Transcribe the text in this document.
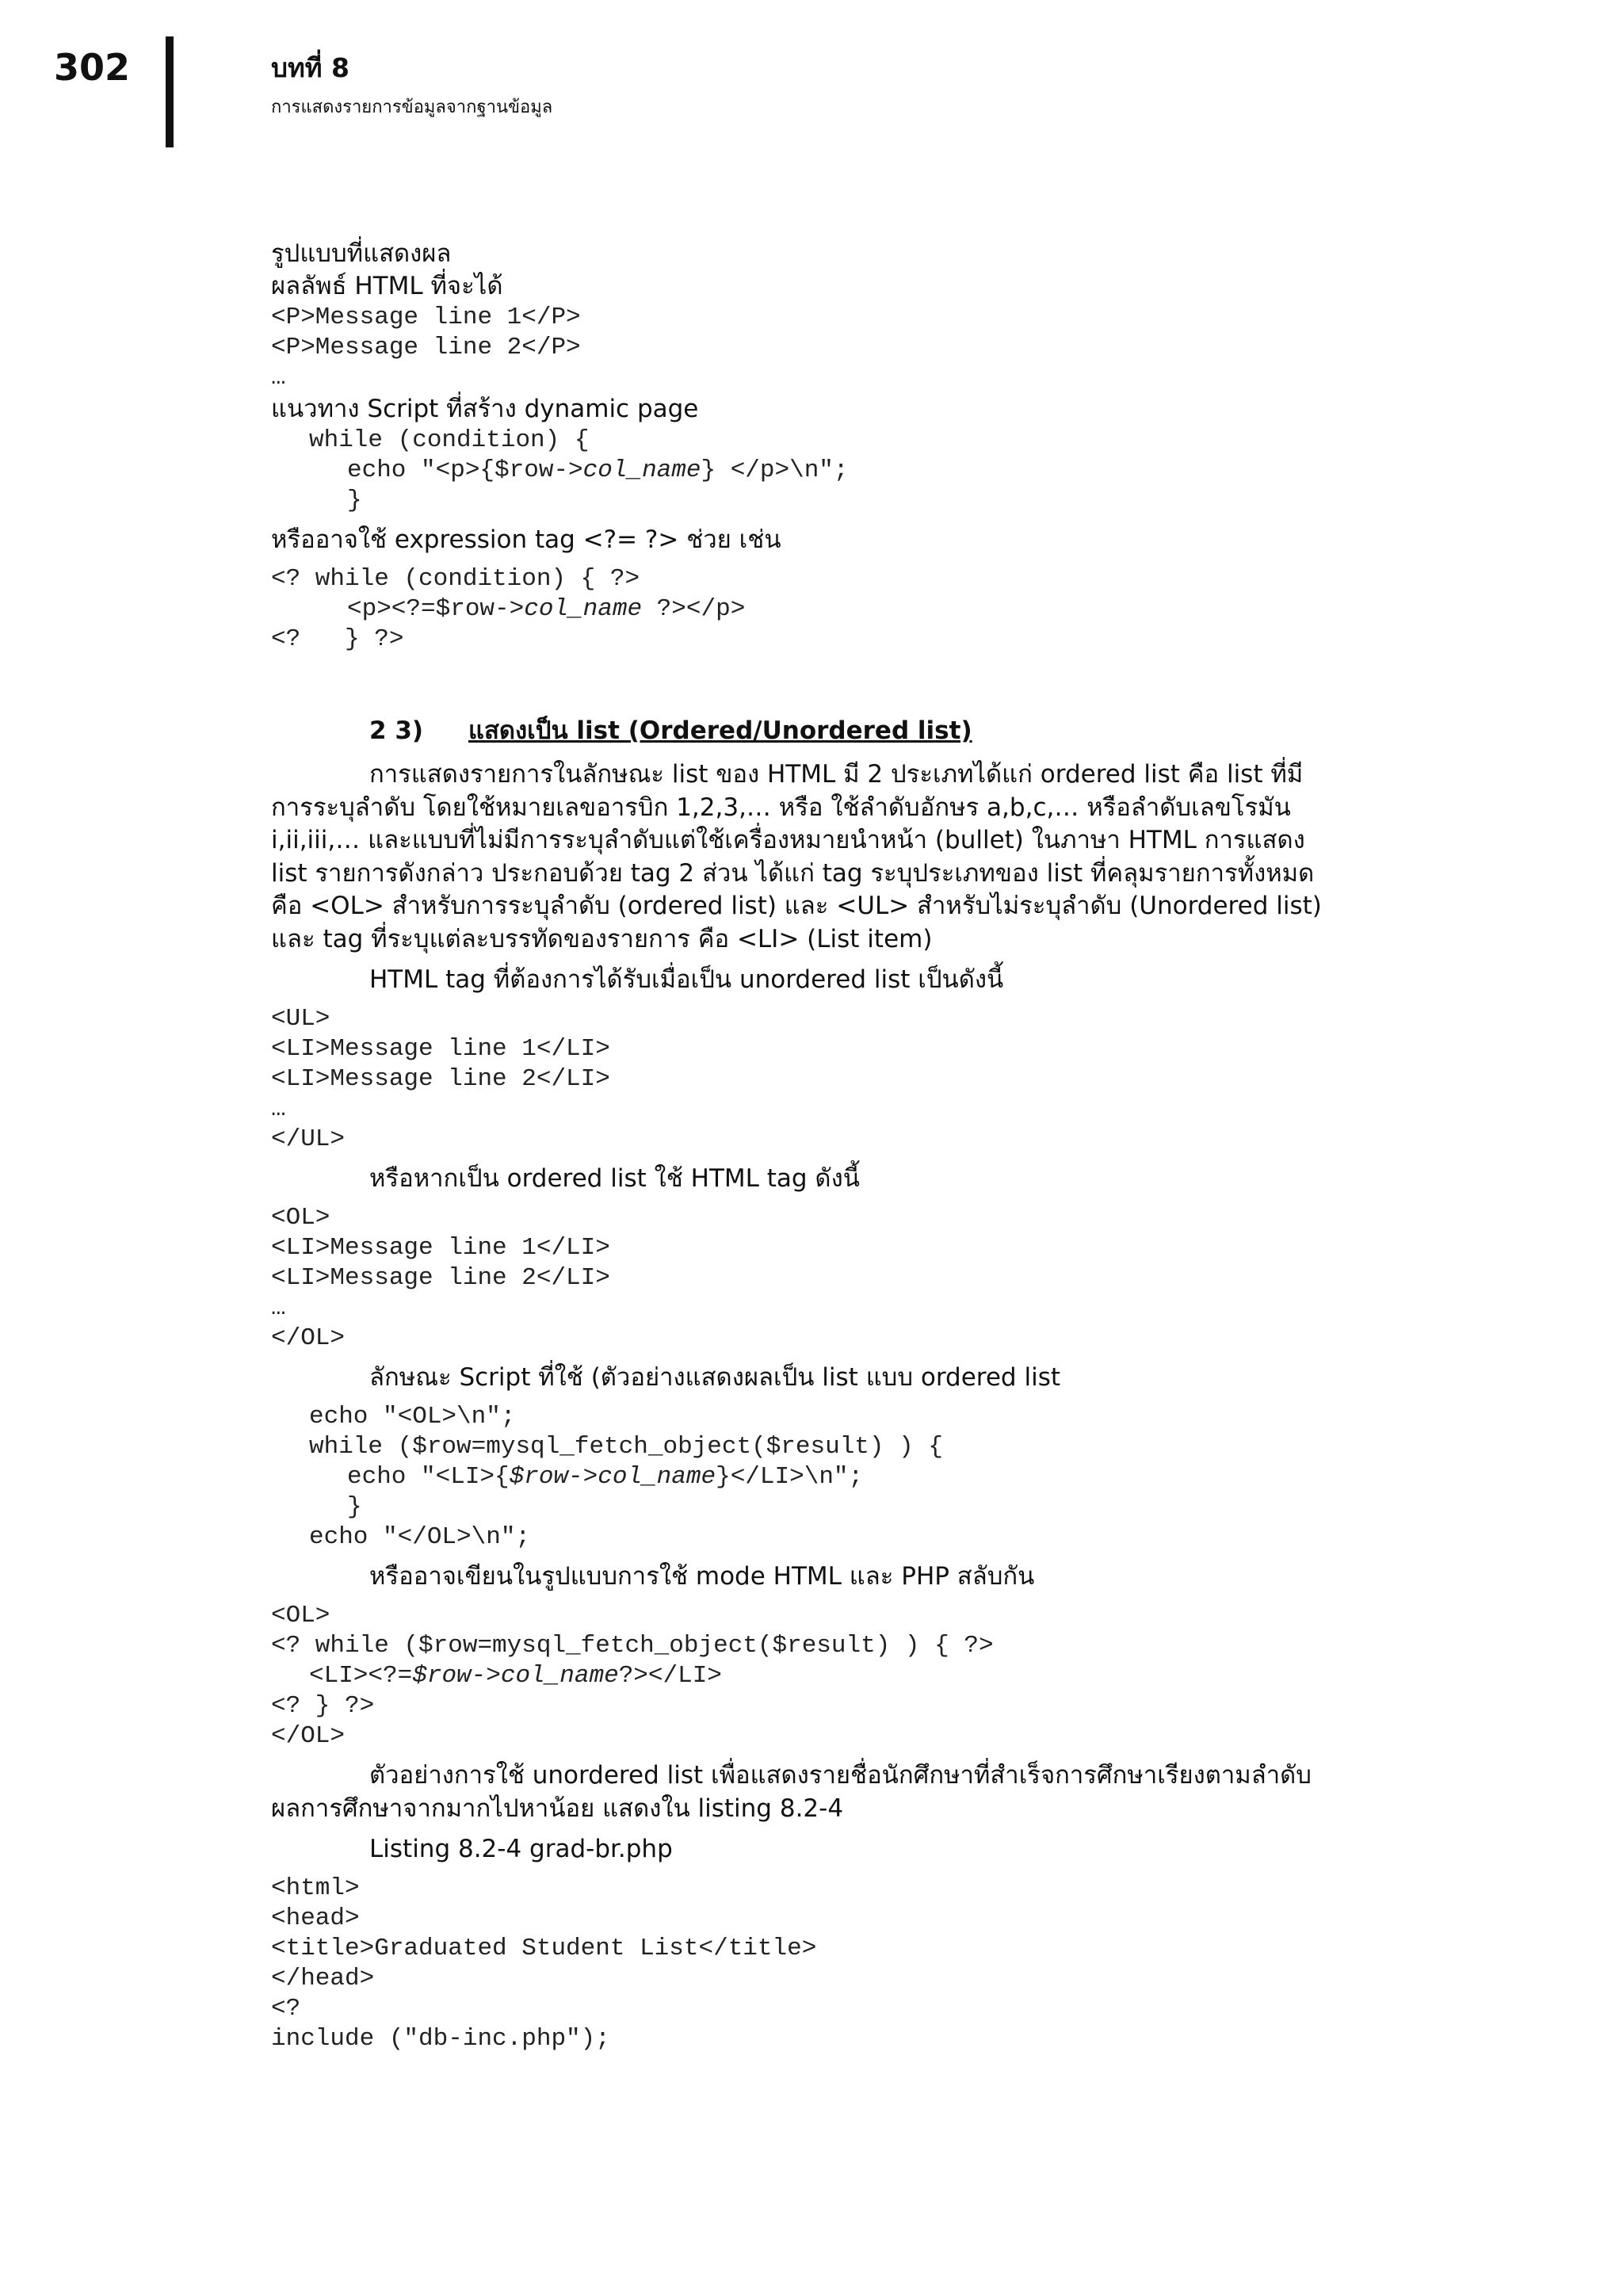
302	บทที่ 8
การแสดงรายการข้อมูลจากฐานข้อมูล

รูปแบบที่แสดงผล

ผลลัพธ์ HTML ที่จะได้

<P>Message line 1</P>

<P>Message line 2</P>

…

แนวทาง Script ที่สร้าง dynamic page

while (condition) {

echo "<p>{$row->col_name} </p>\n";

}

หรืออาจใช้ expression tag <?= ?> ช่วย เช่น

<? while (condition) { ?>

<p><?=$row->col_name ?></p>

<?   } ?>

2 3) แสดงเป็น list (Ordered/Unordered list)

การแสดงรายการในลักษณะ list ของ HTML มี 2 ประเภทได้แก่ ordered list คือ list ที่มี

การระบุลำดับ โดยใช้หมายเลขอารบิก 1,2,3,… หรือ ใช้ลำดับอักษร a,b,c,… หรือลำดับเลขโรมัน

i,ii,iii,… และแบบที่ไม่มีการระบุลำดับแต่ใช้เครื่องหมายนำหน้า (bullet) ในภาษา HTML การแสดง

list รายการดังกล่าว ประกอบด้วย tag 2 ส่วน ได้แก่ tag ระบุประเภทของ list ที่คลุมรายการทั้งหมด

คือ <OL> สำหรับการระบุลำดับ (ordered list) และ <UL> สำหรับไม่ระบุลำดับ (Unordered list)

และ tag ที่ระบุแต่ละบรรทัดของรายการ คือ <LI> (List item)

HTML tag ที่ต้องการได้รับเมื่อเป็น unordered list เป็นดังนี้

<UL>

<LI>Message line 1</LI>

<LI>Message line 2</LI>

…

</UL>

หรือหากเป็น ordered list ใช้ HTML tag ดังนี้

<OL>

<LI>Message line 1</LI>

<LI>Message line 2</LI>

…

</OL>

ลักษณะ Script ที่ใช้ (ตัวอย่างแสดงผลเป็น list แบบ ordered list

echo "<OL>\n";

while ($row=mysql_fetch_object($result) ) {

echo "<LI>{$row->col_name}</LI>\n";

}

echo "</OL>\n";

หรืออาจเขียนในรูปแบบการใช้ mode HTML และ PHP สลับกัน

<OL>

<? while ($row=mysql_fetch_object($result) ) { ?>

<LI><?=$row->col_name?></LI>

<? } ?>

</OL>

ตัวอย่างการใช้ unordered list เพื่อแสดงรายชื่อนักศึกษาที่สำเร็จการศึกษาเรียงตามลำดับ

ผลการศึกษาจากมากไปหาน้อย แสดงใน listing 8.2-4

Listing 8.2-4 grad-br.php

<html>

<head>

<title>Graduated Student List</title>

</head>

<?

include ("db-inc.php");
